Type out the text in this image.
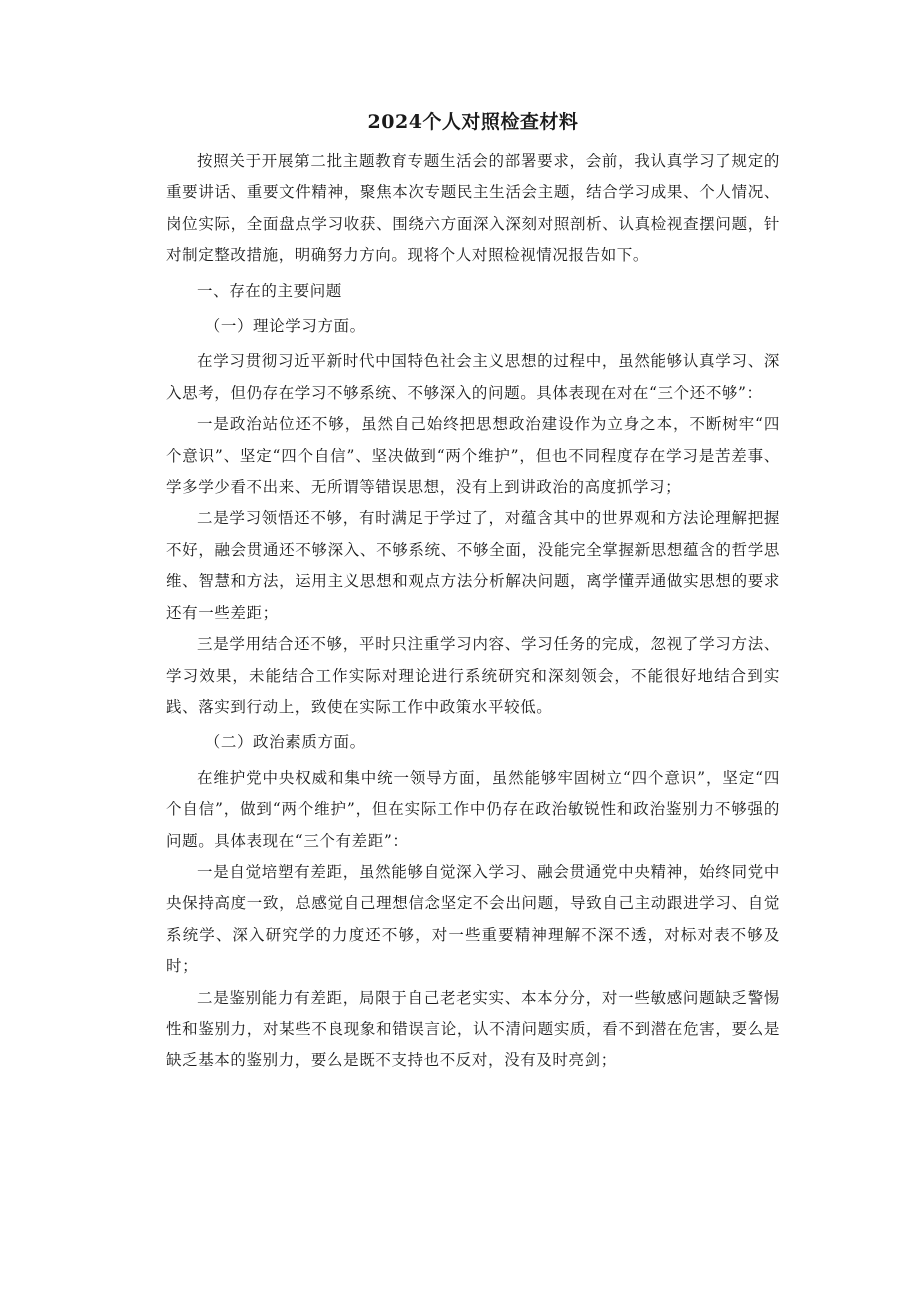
2024个人对照检查材料

按照关于开展第二批主题教育专题生活会的部署要求，会前，我认真学习了规定的重要讲话、重要文件精神，聚焦本次专题民主生活会主题，结合学习成果、个人情况、岗位实际，全面盘点学习收获、围绕六方面深入深刻对照剖析、认真检视查摆问题，针对制定整改措施，明确努力方向。现将个人对照检视情况报告如下。

一、存在的主要问题

（一）理论学习方面。

在学习贯彻习近平新时代中国特色社会主义思想的过程中，虽然能够认真学习、深入思考，但仍存在学习不够系统、不够深入的问题。具体表现在对在“三个还不够”：

一是政治站位还不够，虽然自己始终把思想政治建设作为立身之本，不断树牢“四个意识”、坚定“四个自信”、坚决做到“两个维护”，但也不同程度存在学习是苦差事、学多学少看不出来、无所谓等错误思想，没有上到讲政治的高度抓学习；

二是学习领悟还不够，有时满足于学过了，对蕴含其中的世界观和方法论理解把握不好，融会贯通还不够深入、不够系统、不够全面，没能完全掌握新思想蕴含的哲学思维、智慧和方法，运用主义思想和观点方法分析解决问题，离学懂弄通做实思想的要求还有一些差距；

三是学用结合还不够，平时只注重学习内容、学习任务的完成，忽视了学习方法、学习效果，未能结合工作实际对理论进行系统研究和深刻领会，不能很好地结合到实践、落实到行动上，致使在实际工作中政策水平较低。

（二）政治素质方面。

在维护党中央权威和集中统一领导方面，虽然能够牢固树立“四个意识”，坚定“四个自信”，做到“两个维护”，但在实际工作中仍存在政治敏锐性和政治鉴别力不够强的问题。具体表现在“三个有差距”：

一是自觉培塑有差距，虽然能够自觉深入学习、融会贯通党中央精神，始终同党中央保持高度一致，总感觉自己理想信念坚定不会出问题，导致自己主动跟进学习、自觉系统学、深入研究学的力度还不够，对一些重要精神理解不深不透，对标对表不够及时；

二是鉴别能力有差距，局限于自己老老实实、本本分分，对一些敏感问题缺乏警惕性和鉴别力，对某些不良现象和错误言论，认不清问题实质，看不到潜在危害，要么是缺乏基本的鉴别力，要么是既不支持也不反对，没有及时亮剑；
